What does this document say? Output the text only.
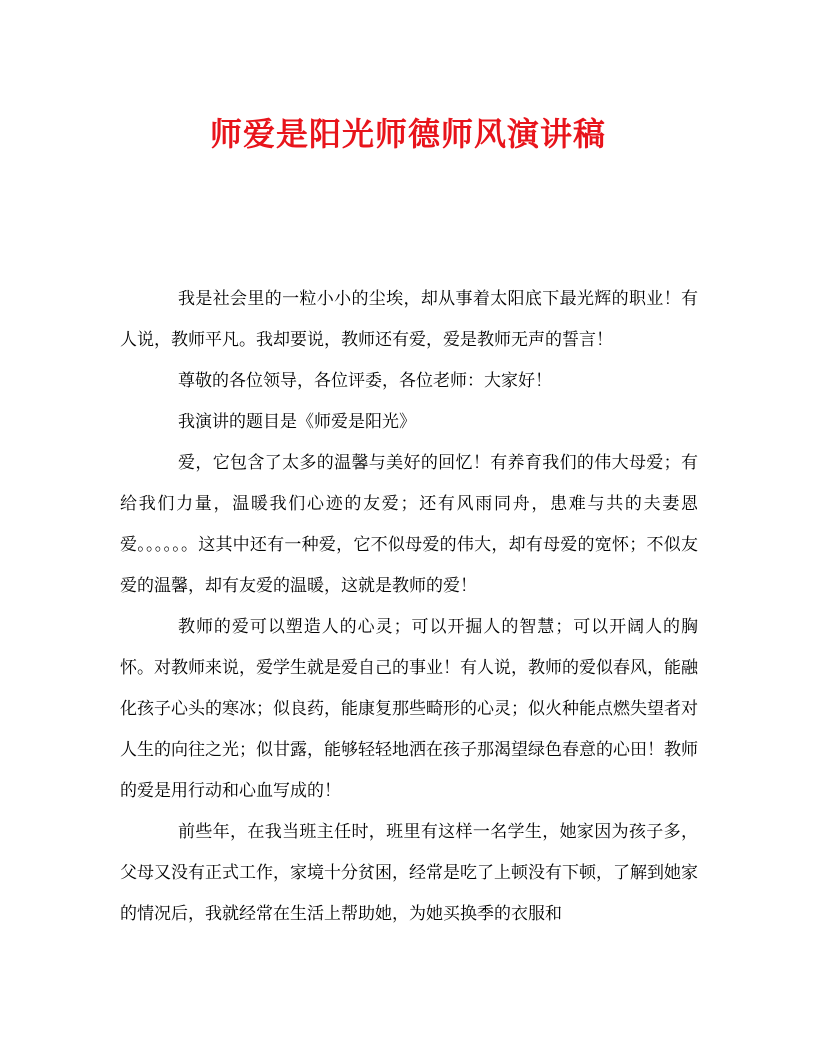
师爱是阳光师德师风演讲稿

我是社会里的一粒小小的尘埃，却从事着太阳底下最光辉的职业！有人说，教师平凡。我却要说，教师还有爱，爱是教师无声的誓言！

尊敬的各位领导，各位评委，各位老师：大家好！

我演讲的题目是《师爱是阳光》

爱，它包含了太多的温馨与美好的回忆！有养育我们的伟大母爱；有给我们力量，温暖我们心迹的友爱；还有风雨同舟，患难与共的夫妻恩爱。。。。。。这其中还有一种爱，它不似母爱的伟大，却有母爱的宽怀；不似友爱的温馨，却有友爱的温暖，这就是教师的爱！

教师的爱可以塑造人的心灵；可以开掘人的智慧；可以开阔人的胸怀。对教师来说，爱学生就是爱自己的事业！有人说，教师的爱似春风，能融化孩子心头的寒冰；似良药，能康复那些畸形的心灵；似火种能点燃失望者对人生的向往之光；似甘露，能够轻轻地洒在孩子那渴望绿色春意的心田！教师的爱是用行动和心血写成的！

前些年，在我当班主任时，班里有这样一名学生，她家因为孩子多，父母又没有正式工作，家境十分贫困，经常是吃了上顿没有下顿，了解到她家的情况后，我就经常在生活上帮助她，为她买换季的衣服和
